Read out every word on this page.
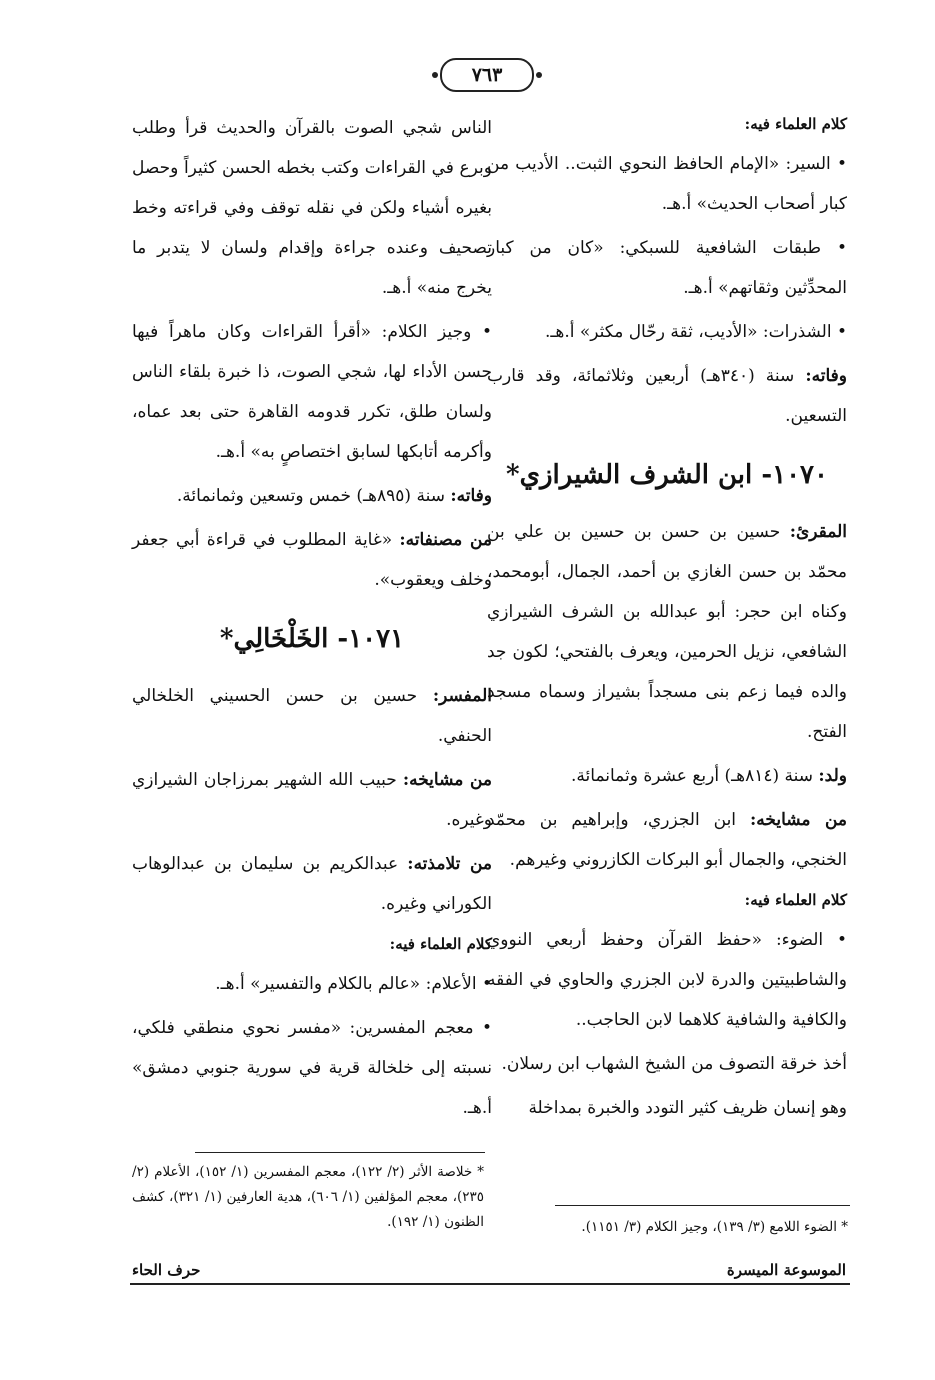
٧٦٣

كلام العلماء فيه:

• السير: «الإمام الحافظ النحوي الثبت.. الأديب من كبار أصحاب الحديث» أ.هـ.

• طبقات الشافعية للسبكي: «كان من كبار المحدِّثين وثقاتهم» أ.هـ.

• الشذرات: «الأديب، ثقة رحّال مكثر» أ.هـ.

وفاته: سنة (٣٤٠هـ) أربعين وثلاثمائة، وقد قارب التسعين.

١٠٧٠- ابن الشرف الشيرازي*

المقرئ: حسين بن حسن بن حسين بن علي بن محمّد بن حسن الغازي بن أحمد، الجمال، أبومحمد، وكناه ابن حجر: أبو عبدالله بن الشرف الشيرازي الشافعي، نزيل الحرمين، ويعرف بالفتحي؛ لكون جد والده فيما زعم بنى مسجداً بشيراز وسماه مسجد الفتح.

ولد: سنة (٨١٤هـ) أربع عشرة وثمانمائة.

من مشايخه: ابن الجزري، وإبراهيم بن محمّد الخنجي، والجمال أبو البركات الكازروني وغيرهم.

كلام العلماء فيه:

• الضوء: «حفظ القرآن وحفظ أربعي النووي والشاطبيتين والدرة لابن الجزري والحاوي في الفقه والكافية والشافية كلاهما لابن الحاجب..

أخذ خرقة التصوف من الشيخ الشهاب ابن رسلان.

وهو إنسان ظريف كثير التودد والخبرة بمداخلة

الناس شجي الصوت بالقرآن والحديث قرأ وطلب وبرع في القراءات وكتب بخطه الحسن كثيراً وحصل بغيره أشياء ولكن في نقله توقف وفي قراءته وخط تصحيف وعنده جراءة وإقدام ولسان لا يتدبر ما يخرج منه» أ.هـ.

• وجيز الكلام: «أقرأ القراءات وكان ماهراً فيها حسن الأداء لها، شجي الصوت، ذا خبرة بلقاء الناس ولسان طلق، تكرر قدومه القاهرة حتى بعد عماه، وأكرمه أتابكها لسابق اختصاصٍ به» أ.هـ.

وفاته: سنة (٨٩٥هـ) خمس وتسعين وثمانمائة.

من مصنفاته: «غاية المطلوب في قراءة أبي جعفر وخلف ويعقوب».

١٠٧١- الخَلْخَالِي*

المفسر: حسين بن حسن الحسيني الخلخالي الحنفي.

من مشايخه: حبيب الله الشهير بمرزاجان الشيرازي وغيره.

من تلامذته: عبدالكريم بن سليمان بن عبدالوهاب الكوراني وغيره.

كلام العلماء فيه:

• الأعلام: «عالم بالكلام والتفسير» أ.هـ.

• معجم المفسرين: «مفسر نحوي منطقي فلكي، نسبته إلى خلخالة قرية في سورية جنوبي دمشق» أ.هـ.

* خلاصة الأثر (٢/ ١٢٢)، معجم المفسرين (١/ ١٥٢)، الأعلام (٢/ ٢٣٥)، معجم المؤلفين (١/ ٦٠٦)، هدية العارفين (١/ ٣٢١)، كشف الظنون (١/ ١٩٢).	* الضوء اللامع (٣/ ١٣٩)، وجيز الكلام (٣/ ١١٥١).
الموسوعة الميسرة
حرف الحاء
